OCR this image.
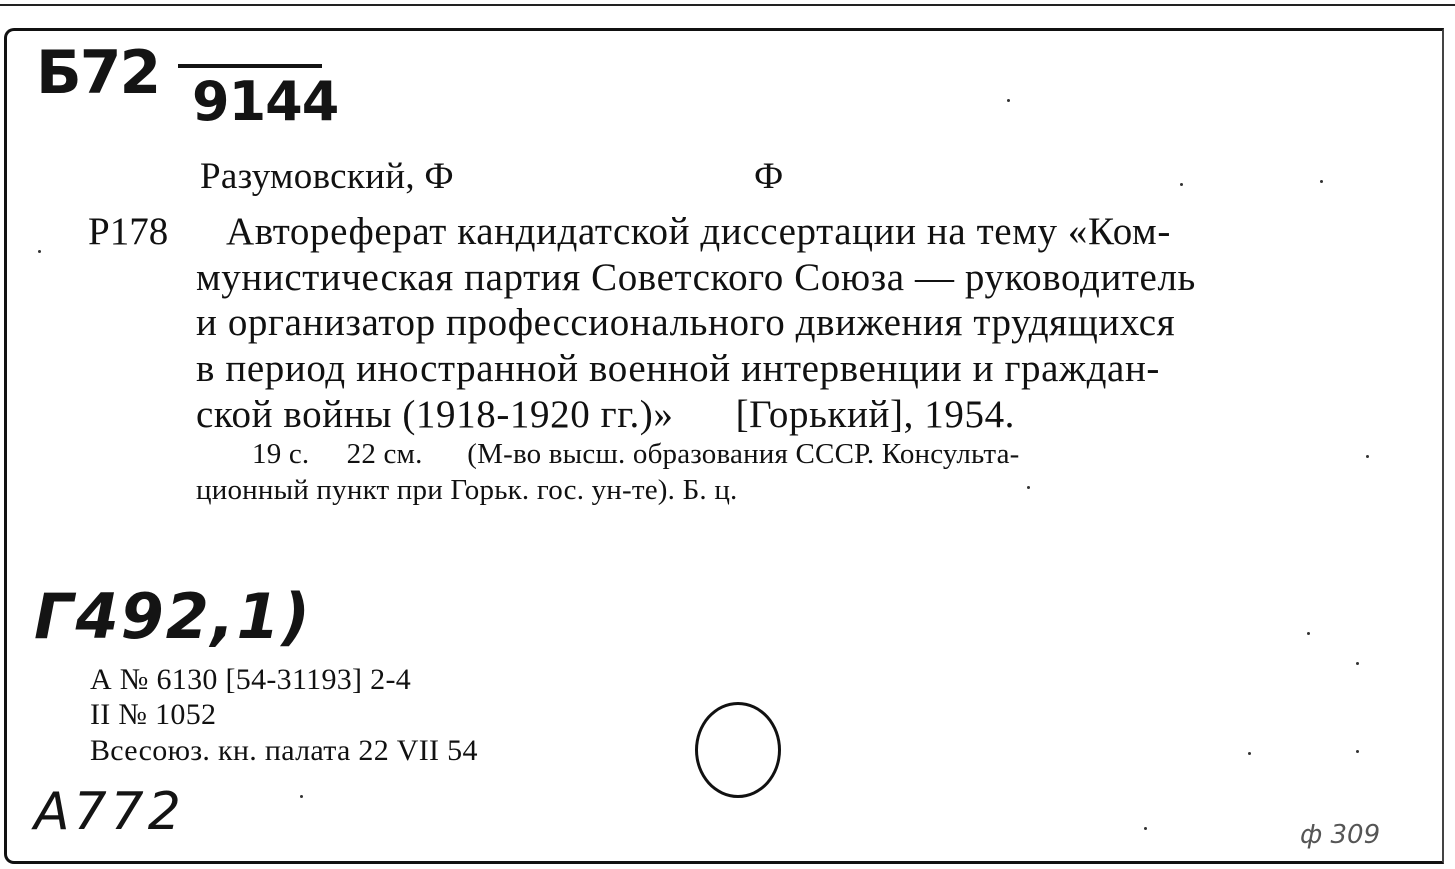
Б72 9144
Разумовский, Ф	Ф
Р178 Автореферат кандидатской диссертации на тему «Ком-
мунистическая партия Советского Союза — руководитель
и организатор профессионального движения трудящихся
в период иностранной военной интервенции и граждан-
ской войны (1918-1920 гг.)»      [Горький], 1954.
19 с.     22 см.      (М-во высш. образования СССР. Консульта-
ционный пункт при Горьк. гос. ун-те). Б. ц.
Г492,1)
А № 6130 [54-31193] 2-4
II № 1052
Всесоюз. кн. палата 22 VII 54
А772	ф 309
